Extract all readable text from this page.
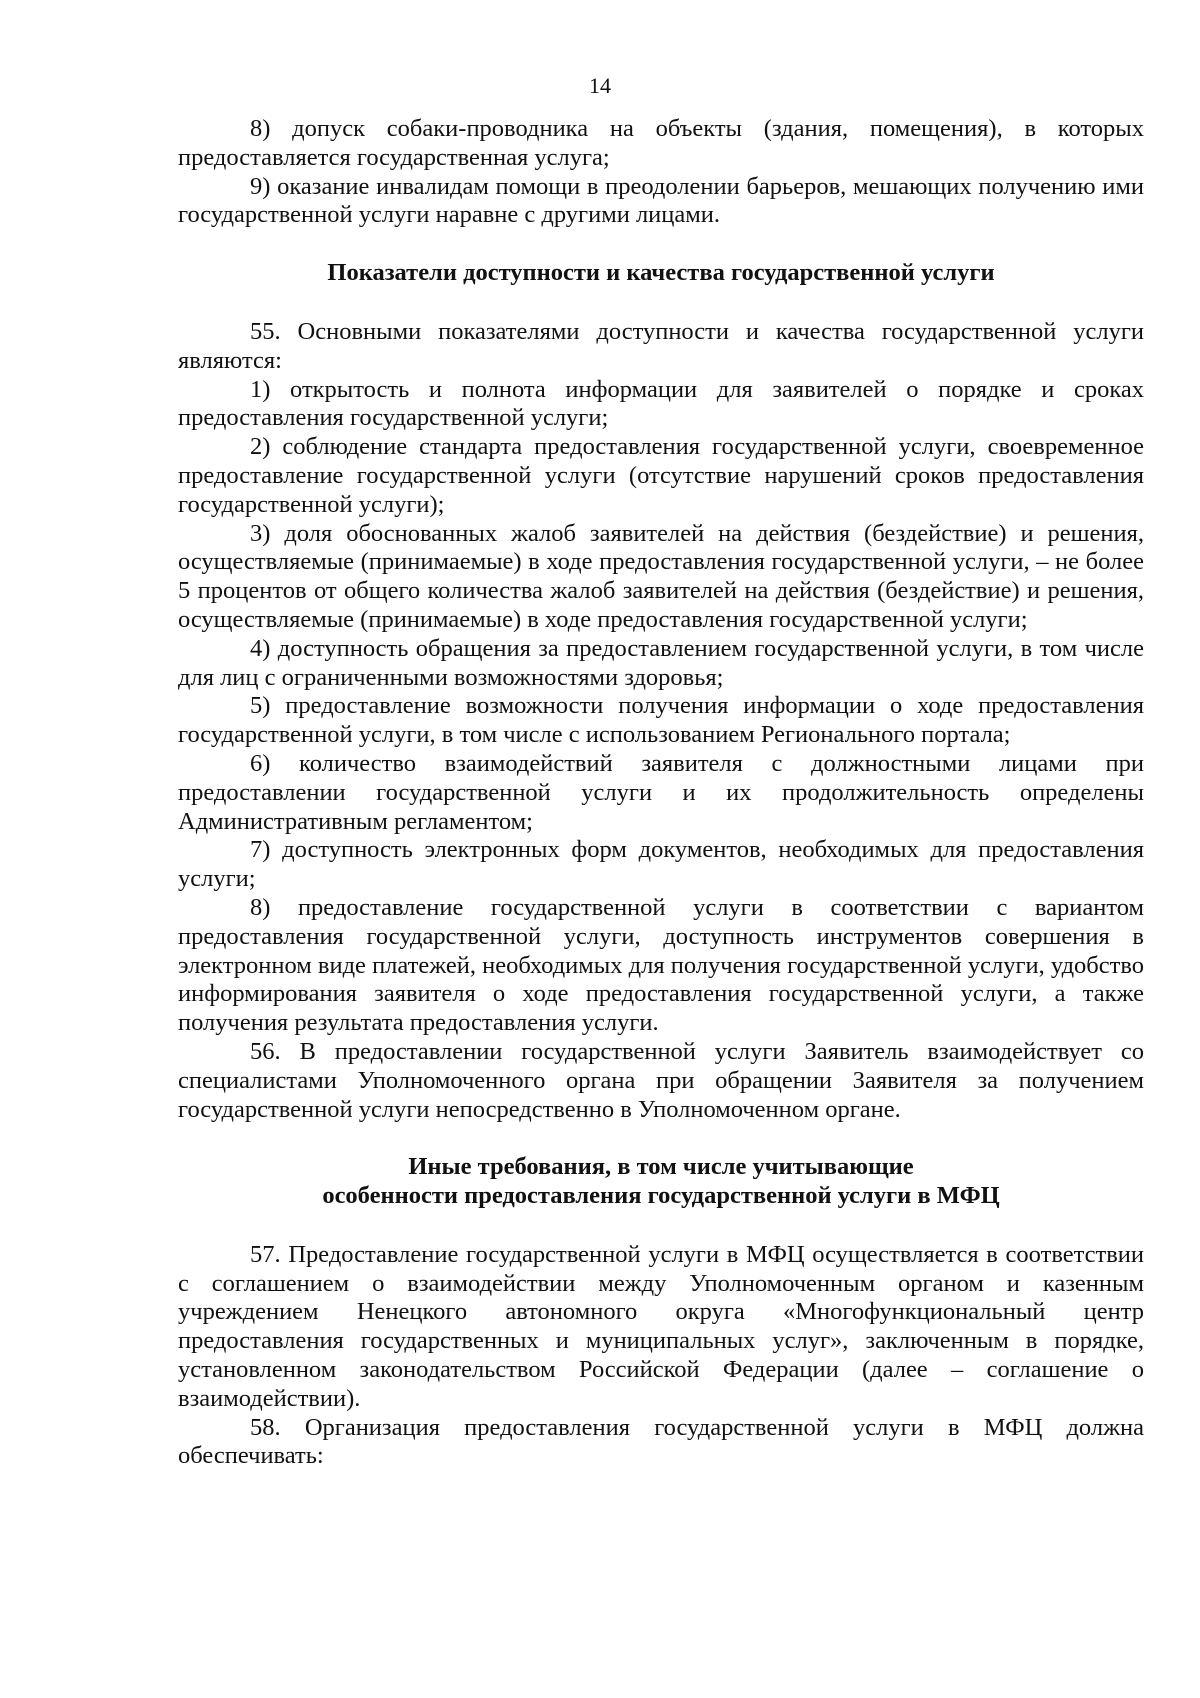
14

8) допуск собаки-проводника на объекты (здания, помещения), в которых предоставляется государственная услуга;

9) оказание инвалидам помощи в преодолении барьеров, мешающих получению ими государственной услуги наравне с другими лицами.

Показатели доступности и качества государственной услуги

55. Основными показателями доступности и качества государственной услуги являются:

1) открытость и полнота информации для заявителей о порядке и сроках предоставления государственной услуги;

2) соблюдение стандарта предоставления государственной услуги, своевременное предоставление государственной услуги (отсутствие нарушений сроков предоставления государственной услуги);

3) доля обоснованных жалоб заявителей на действия (бездействие) и решения, осуществляемые (принимаемые) в ходе предоставления государственной услуги, – не более 5 процентов от общего количества жалоб заявителей на действия (бездействие) и решения, осуществляемые (принимаемые) в ходе предоставления государственной услуги;

4) доступность обращения за предоставлением государственной услуги, в том числе для лиц с ограниченными возможностями здоровья;

5) предоставление возможности получения информации о ходе предоставления государственной услуги, в том числе с использованием Регионального портала;

6) количество взаимодействий заявителя с должностными лицами при предоставлении государственной услуги и их продолжительность определены Административным регламентом;

7) доступность электронных форм документов, необходимых для предоставления услуги;

8) предоставление государственной услуги в соответствии с вариантом предоставления государственной услуги, доступность инструментов совершения в электронном виде платежей, необходимых для получения государственной услуги, удобство информирования заявителя о ходе предоставления государственной услуги, а также получения результата предоставления услуги.

56. В предоставлении государственной услуги Заявитель взаимодействует со специалистами Уполномоченного органа при обращении Заявителя за получением государственной услуги непосредственно в Уполномоченном органе.

Иные требования, в том числе учитывающие
особенности предоставления государственной услуги в МФЦ

57. Предоставление государственной услуги в МФЦ осуществляется в соответствии с соглашением о взаимодействии между Уполномоченным органом и казенным учреждением Ненецкого автономного округа «Многофункциональный центр предоставления государственных и муниципальных услуг», заключенным в порядке, установленном законодательством Российской Федерации (далее – соглашение о взаимодействии).

58. Организация предоставления государственной услуги в МФЦ должна обеспечивать:
